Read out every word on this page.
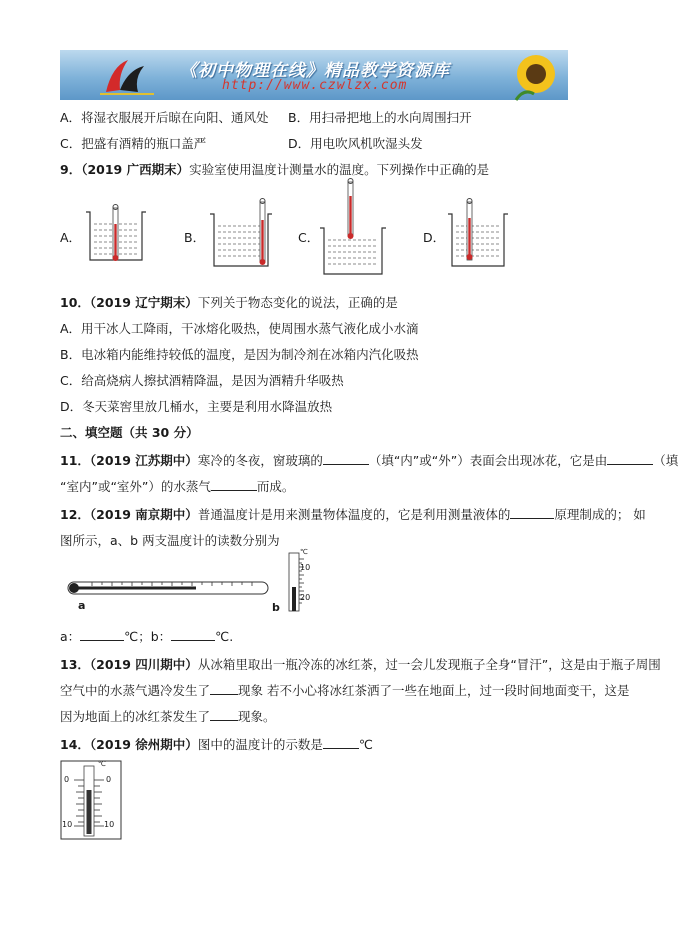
《初中物理在线》精品教学资源库
http://www.czwlzx.com
A．将湿衣服展开后晾在向阳、通风处 B．用扫帚把地上的水向周围扫开
C．把盛有酒精的瓶口盖严	D．用电吹风机吹湿头发
9．（2019 广西期末）实验室使用温度计测量水的温度。下列操作中正确的是
A．	B．	C．	D．
10．（2019 辽宁期末）下列关于物态变化的说法，正确的是
A．用干冰人工降雨，干冰熔化吸热，使周围水蒸气液化成小水滴
B．电冰箱内能维持较低的温度，是因为制冷剂在冰箱内汽化吸热
C．给高烧病人擦拭酒精降温，是因为酒精升华吸热
D．冬天菜窖里放几桶水，主要是利用水降温放热
二、填空题（共 30 分）
11．（2019 江苏期中）寒冷的冬夜，窗玻璃的	（填“内”或“外”）表面会出现冰花，它是由	（填
“室内”或“室外”）的水蒸气	而成。
12．（2019 南京期中）普通温度计是用来测量物体温度的，它是利用测量液体的	原理制成的； 如
图所示，a、b 两支温度计的读数分别为
a
℃
10
20
b
a：	℃；b：	℃.
13．（2019 四川期中）从冰箱里取出一瓶冷冻的冰红茶，过一会儿发现瓶子全身“冒汗”，这是由于瓶子周围
空气中的水蒸气遇冷发生了 现象 若不小心将冰红茶洒了一些在地面上，过一段时间地面变干，这是
因为地面上的冰红茶发生了 现象。
14．（2019 徐州期中）图中的温度计的示数是	℃
℃
0	0
10	10
